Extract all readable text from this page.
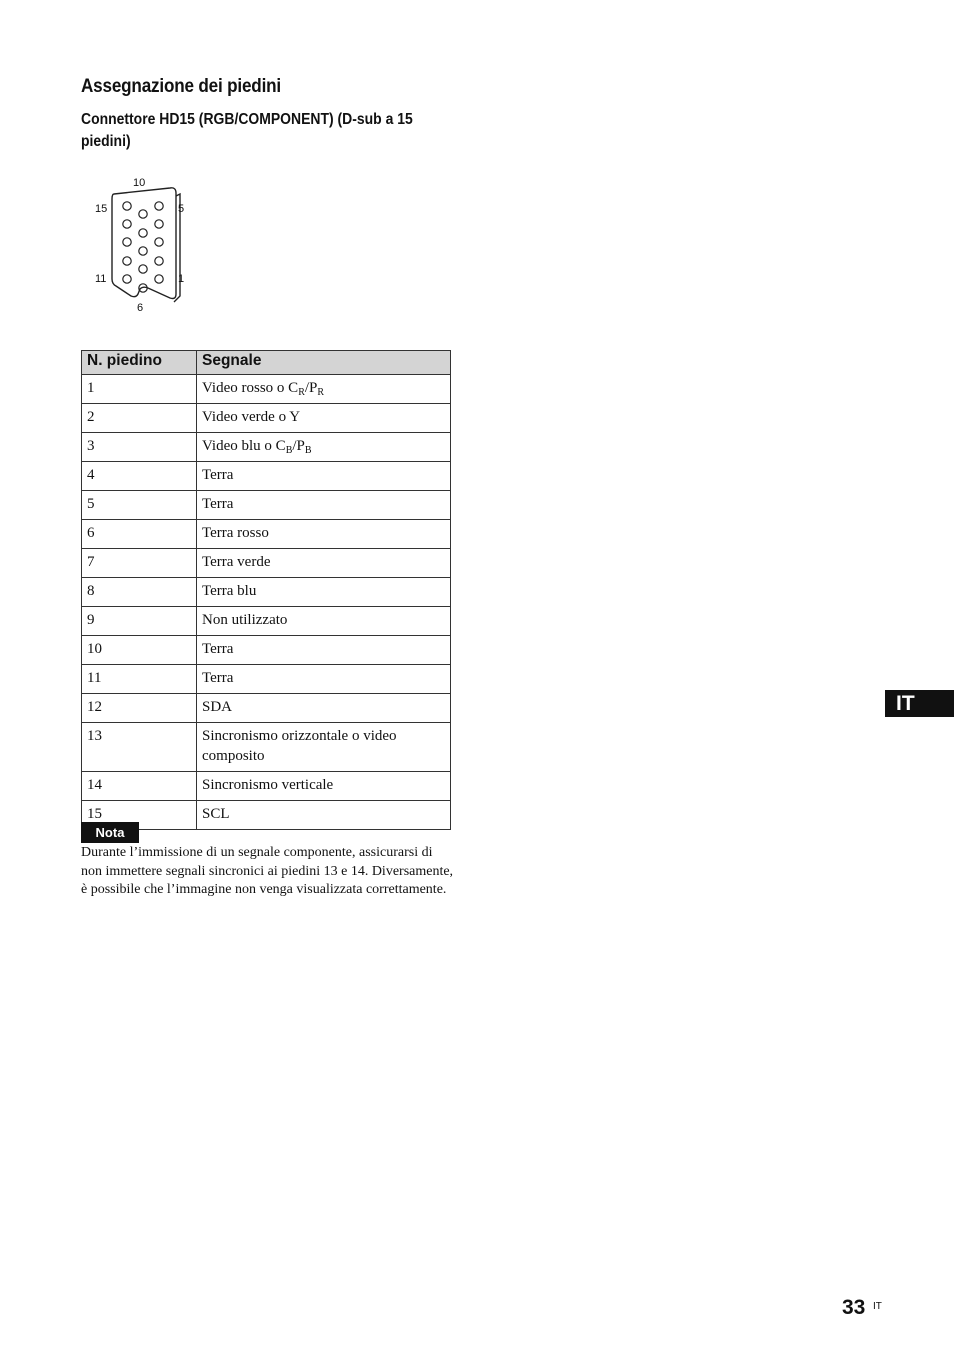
Assegnazione dei piedini
Connettore HD15 (RGB/COMPONENT) (D-sub a 15 piedini)
10
15	5
11	1
6
N. piedino	Segnale
1	Video rosso o $C_R/P_R$
2	Video verde o Y
3	Video blu o $C_B/P_B$
4	Terra
5	Terra
6	Terra rosso
7	Terra verde
8	Terra blu
9	Non utilizzato
10	Terra
11	Terra
12	SDA
13	Sincronismo orizzontale o video composito
14	Sincronismo verticale
15	SCL
Nota
Durante l’immissione di un segnale componente, assicurarsi di non immettere segnali sincronici ai piedini 13 e 14. Diversamente, è possibile che l’immagine non venga visualizzata correttamente.
IT
33 IT
